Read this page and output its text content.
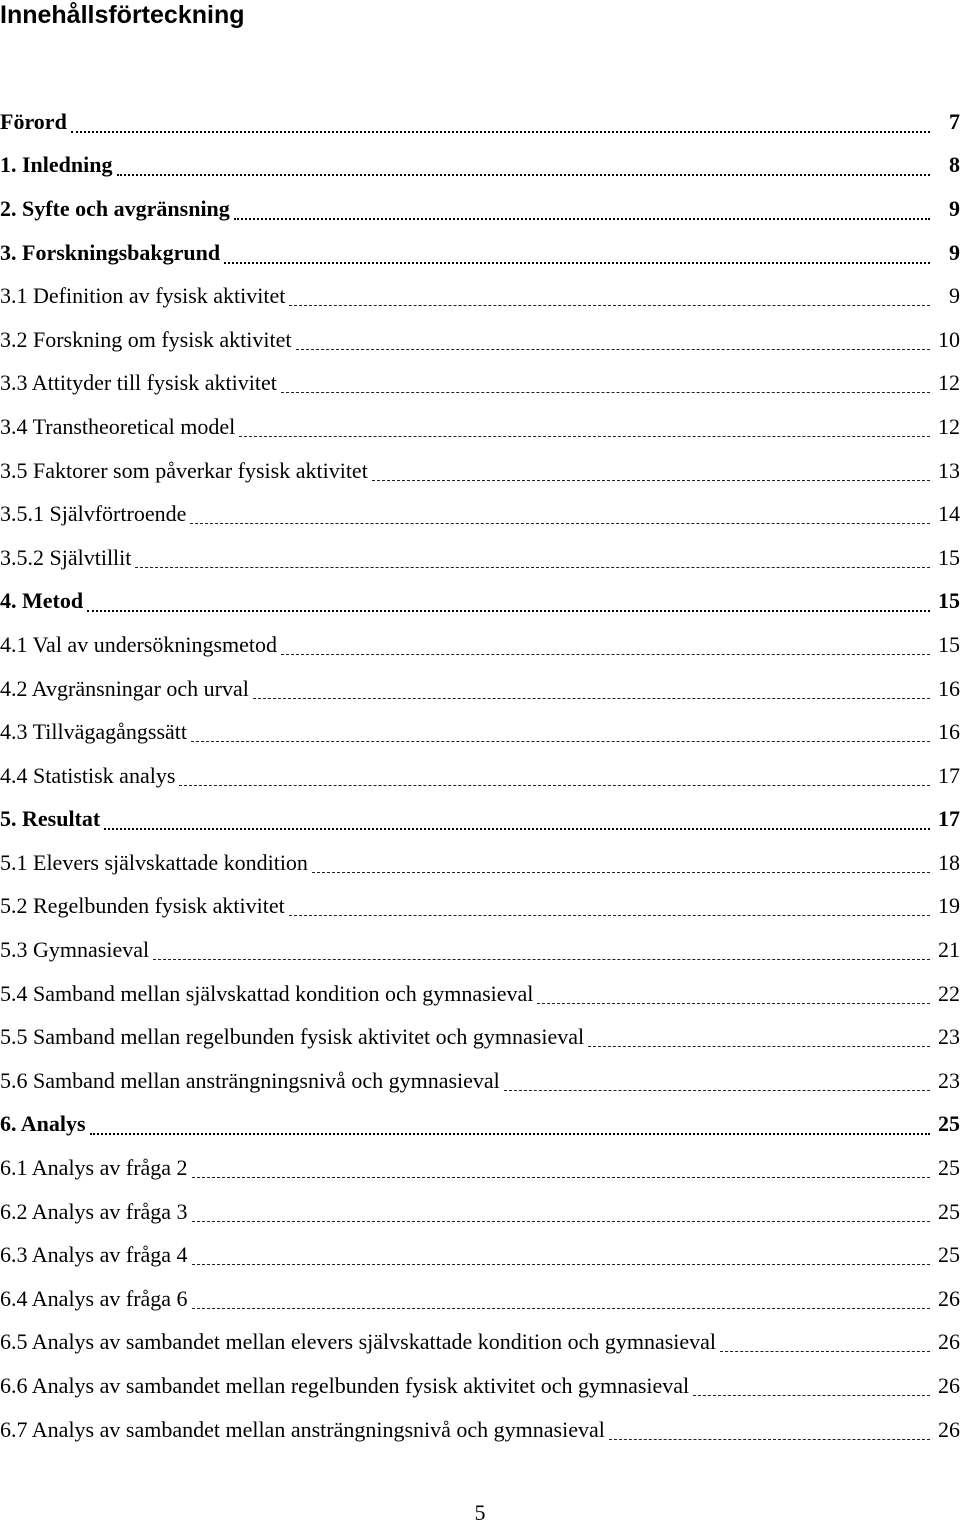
Innehållsförteckning
Förord	7
1. Inledning	8
2. Syfte och avgränsning	9
3. Forskningsbakgrund	9
3.1 Definition av fysisk aktivitet	9
3.2 Forskning om fysisk aktivitet	10
3.3 Attityder till fysisk aktivitet	12
3.4 Transtheoretical model	12
3.5 Faktorer som påverkar fysisk aktivitet	13
3.5.1 Självförtroende	14
3.5.2 Självtillit	15
4. Metod	15
4.1 Val av undersökningsmetod	15
4.2 Avgränsningar och urval	16
4.3 Tillvägagångssätt	16
4.4 Statistisk analys	17
5. Resultat	17
5.1 Elevers självskattade kondition	18
5.2 Regelbunden fysisk aktivitet	19
5.3 Gymnasieval	21
5.4 Samband mellan självskattad kondition och gymnasieval	22
5.5 Samband mellan regelbunden fysisk aktivitet och gymnasieval	23
5.6 Samband mellan ansträngningsnivå och gymnasieval	23
6. Analys	25
6.1 Analys av fråga 2	25
6.2 Analys av fråga 3	25
6.3 Analys av fråga 4	25
6.4 Analys av fråga 6	26
6.5 Analys av sambandet mellan elevers självskattade kondition och gymnasieval	26
6.6 Analys av sambandet mellan regelbunden fysisk aktivitet och gymnasieval	26
6.7 Analys av sambandet mellan ansträngningsnivå och gymnasieval	26
5
